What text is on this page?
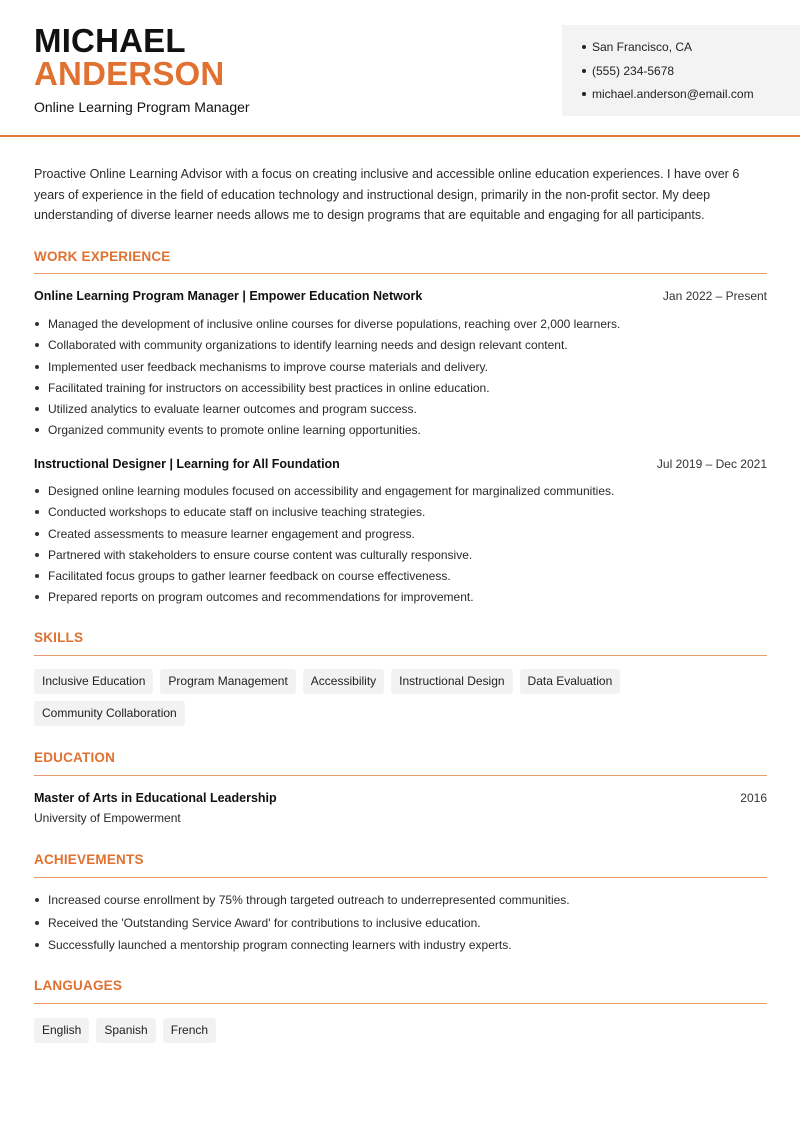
MICHAEL
ANDERSON
Online Learning Program Manager
San Francisco, CA
(555) 234-5678
michael.anderson@email.com

Proactive Online Learning Advisor with a focus on creating inclusive and accessible online education experiences. I have over 6 years of experience in the field of education technology and instructional design, primarily in the non-profit sector. My deep understanding of diverse learner needs allows me to design programs that are equitable and engaging for all participants.

WORK EXPERIENCE
Online Learning Program Manager | Empower Education Network	Jan 2022 – Present
Managed the development of inclusive online courses for diverse populations, reaching over 2,000 learners.
Collaborated with community organizations to identify learning needs and design relevant content.
Implemented user feedback mechanisms to improve course materials and delivery.
Facilitated training for instructors on accessibility best practices in online education.
Utilized analytics to evaluate learner outcomes and program success.
Organized community events to promote online learning opportunities.
Instructional Designer | Learning for All Foundation	Jul 2019 – Dec 2021
Designed online learning modules focused on accessibility and engagement for marginalized communities.
Conducted workshops to educate staff on inclusive teaching strategies.
Created assessments to measure learner engagement and progress.
Partnered with stakeholders to ensure course content was culturally responsive.
Facilitated focus groups to gather learner feedback on course effectiveness.
Prepared reports on program outcomes and recommendations for improvement.
SKILLS
Inclusive Education	Program Management	Accessibility	Instructional Design	Data Evaluation
Community Collaboration
EDUCATION
Master of Arts in Educational Leadership	2016
University of Empowerment
ACHIEVEMENTS
Increased course enrollment by 75% through targeted outreach to underrepresented communities.
Received the 'Outstanding Service Award' for contributions to inclusive education.
Successfully launched a mentorship program connecting learners with industry experts.
LANGUAGES
English	Spanish	French
